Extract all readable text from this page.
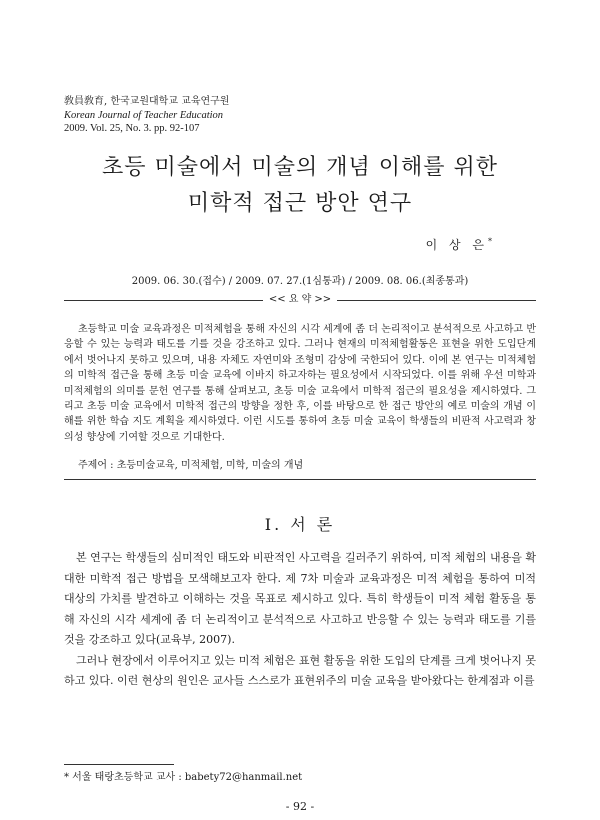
敎員敎育, 한국교원대학교 교육연구원
Korean Journal of Teacher Education
2009. Vol. 25, No. 3. pp. 92-107
초등 미술에서 미술의 개념 이해를 위한
미학적 접근 방안 연구
이 상 은*
2009. 06. 30.(접수) / 2009. 07. 27.(1심통과) / 2009. 08. 06.(최종통과)
<< 요 약 >>
초등학교 미술 교육과정은 미적체험을 통해 자신의 시각 세계에 좀 더 논리적이고 분석적으로 사고하고 반응할 수 있는 능력과 태도를 기를 것을 강조하고 있다. 그러나 현재의 미적체험활동은 표현을 위한 도입단계에서 벗어나지 못하고 있으며, 내용 자체도 자연미와 조형미 감상에 국한되어 있다. 이에 본 연구는 미적체험의 미학적 접근을 통해 초등 미술 교육에 이바지 하고자하는 필요성에서 시작되었다. 이를 위해 우선 미학과 미적체험의 의미를 문헌 연구를 통해 살펴보고, 초등 미술 교육에서 미학적 접근의 필요성을 제시하였다. 그리고 초등 미술 교육에서 미학적 접근의 방향을 정한 후, 이를 바탕으로 한 접근 방안의 예로 미술의 개념 이해를 위한 학습 지도 계획을 제시하였다. 이런 시도를 통하여 초등 미술 교육이 학생들의 비판적 사고력과 창의성 향상에 기여할 것으로 기대한다.
주제어 : 초등미술교육, 미적체험, 미학, 미술의 개념
Ⅰ. 서 론

본 연구는 학생들의 심미적인 태도와 비판적인 사고력을 길러주기 위하여, 미적 체험의 내용을 확대한 미학적 접근 방법을 모색해보고자 한다. 제 7차 미술과 교육과정은 미적 체험을 통하여 미적 대상의 가치를 발견하고 이해하는 것을 목표로 제시하고 있다. 특히 학생들이 미적 체험 활동을 통해 자신의 시각 세계에 좀 더 논리적이고 분석적으로 사고하고 반응할 수 있는 능력과 태도를 기를 것을 강조하고 있다(교육부, 2007).

그러나 현장에서 이루어지고 있는 미적 체험은 표현 활동을 위한 도입의 단계를 크게 벗어나지 못하고 있다. 이런 현상의 원인은 교사들 스스로가 표현위주의 미술 교육을 받아왔다는 한계점과 이를

* 서울 태랑초등학교 교사 : babety72@hanmail.net
- 92 -
